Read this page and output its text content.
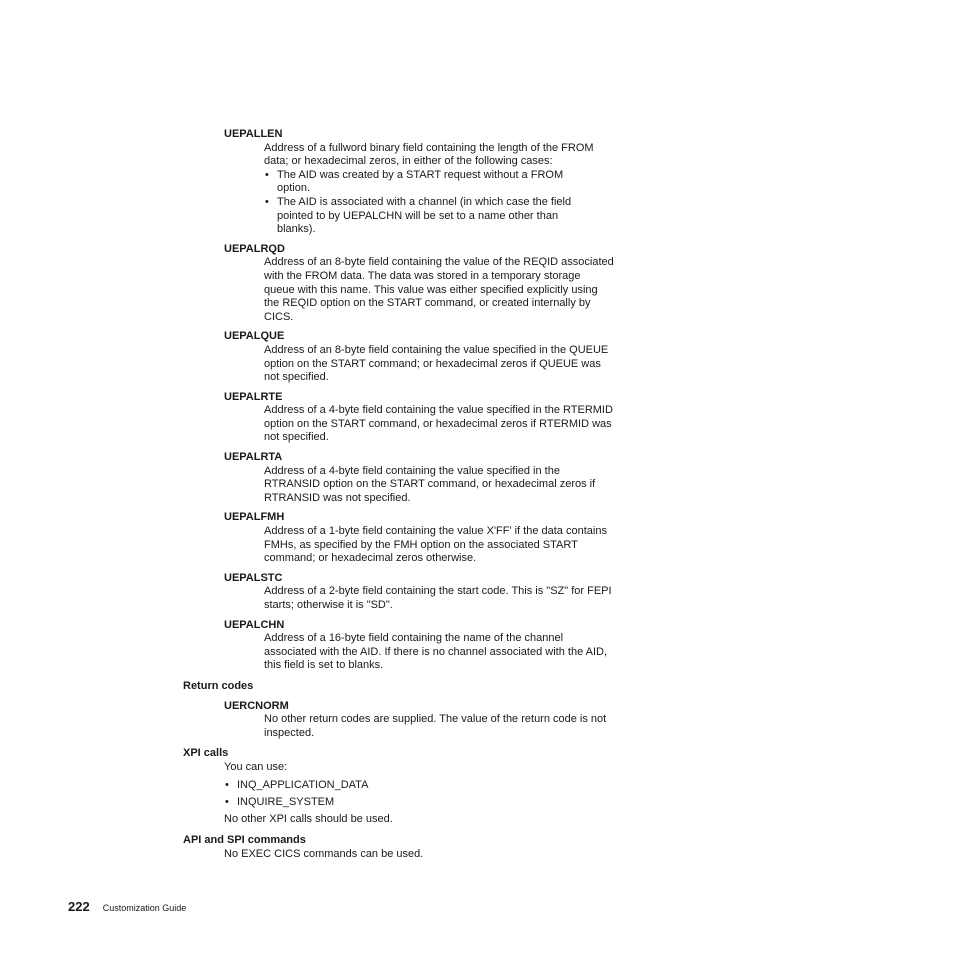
UEPALLEN

Address of a fullword binary field containing the length of the FROM data; or hexadecimal zeros, in either of the following cases:

• The AID was created by a START request without a FROM option.
• The AID is associated with a channel (in which case the field pointed to by UEPALCHN will be set to a name other than blanks).
UEPALRQD

Address of an 8-byte field containing the value of the REQID associated with the FROM data. The data was stored in a temporary storage queue with this name. This value was either specified explicitly using the REQID option on the START command, or created internally by CICS.

UEPALQUE

Address of an 8-byte field containing the value specified in the QUEUE option on the START command; or hexadecimal zeros if QUEUE was not specified.

UEPALRTE

Address of a 4-byte field containing the value specified in the RTERMID option on the START command, or hexadecimal zeros if RTERMID was not specified.

UEPALRTA

Address of a 4-byte field containing the value specified in the RTRANSID option on the START command, or hexadecimal zeros if RTRANSID was not specified.

UEPALFMH

Address of a 1-byte field containing the value X'FF' if the data contains FMHs, as specified by the FMH option on the associated START command; or hexadecimal zeros otherwise.

UEPALSTC

Address of a 2-byte field containing the start code. This is "SZ" for FEPI starts; otherwise it is "SD".

UEPALCHN

Address of a 16-byte field containing the name of the channel associated with the AID. If there is no channel associated with the AID, this field is set to blanks.

Return codes
UERCNORM

No other return codes are supplied. The value of the return code is not inspected.

XPI calls

You can use:

• INQ_APPLICATION_DATA
• INQUIRE_SYSTEM

No other XPI calls should be used.

API and SPI commands

No EXEC CICS commands can be used.

222 Customization Guide
